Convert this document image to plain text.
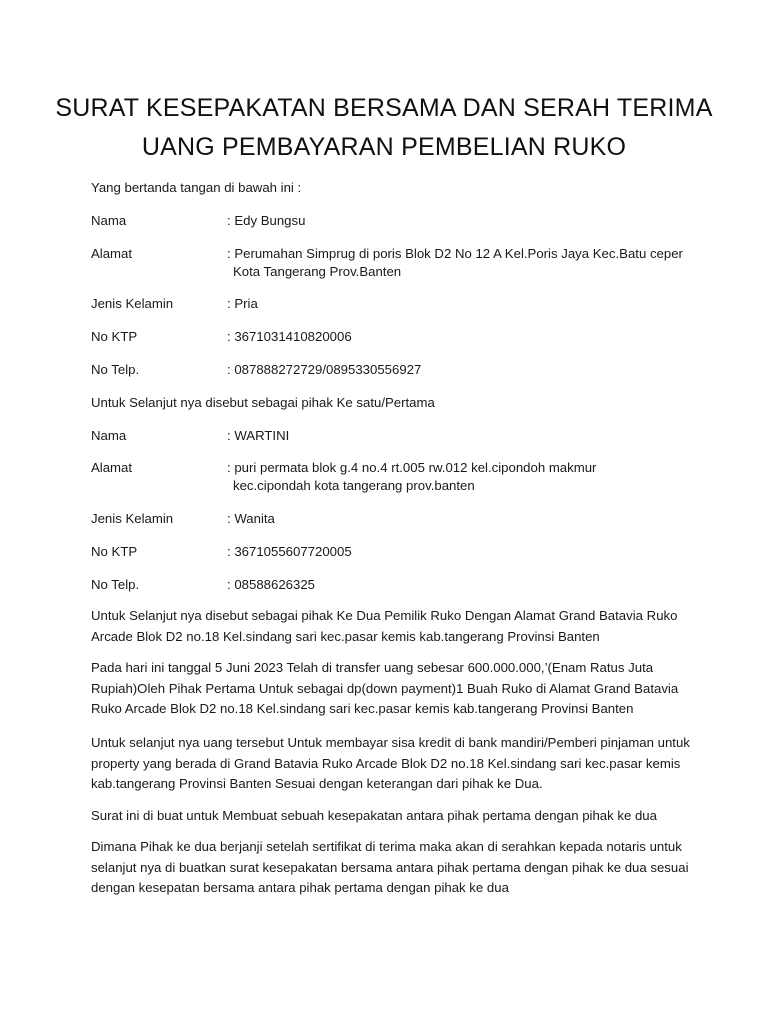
SURAT KESEPAKATAN BERSAMA DAN SERAH TERIMA
UANG PEMBAYARAN PEMBELIAN RUKO
Yang bertanda tangan di bawah ini :
Nama	: Edy Bungsu
Alamat	: Perumahan Simprug di poris Blok D2 No 12 A Kel.Poris Jaya Kec.Batu ceper
Kota Tangerang Prov.Banten
Jenis Kelamin	: Pria
No KTP	: 3671031410820006
No Telp.	: 087888272729/0895330556927
Untuk Selanjut nya disebut sebagai pihak Ke satu/Pertama
Nama	: WARTINI
Alamat	: puri permata blok g.4 no.4 rt.005 rw.012 kel.cipondoh makmur
kec.cipondah kota tangerang prov.banten
Jenis Kelamin	: Wanita
No KTP	: 3671055607720005
No Telp.	: 08588626325
Untuk Selanjut nya disebut sebagai pihak Ke Dua Pemilik Ruko Dengan Alamat Grand Batavia Ruko
Arcade Blok D2 no.18 Kel.sindang sari kec.pasar kemis kab.tangerang Provinsi Banten
Pada hari ini tanggal 5 Juni 2023 Telah di transfer uang sebesar 600.000.000,’(Enam Ratus Juta
Rupiah)Oleh Pihak Pertama Untuk sebagai dp(down payment)1 Buah Ruko di Alamat Grand Batavia
Ruko Arcade Blok D2 no.18 Kel.sindang sari kec.pasar kemis kab.tangerang Provinsi Banten
Untuk selanjut nya uang tersebut Untuk membayar sisa kredit di bank mandiri/Pemberi pinjaman untuk
property yang berada di Grand Batavia Ruko Arcade Blok D2 no.18 Kel.sindang sari kec.pasar kemis
kab.tangerang Provinsi Banten Sesuai dengan keterangan dari pihak ke Dua.
Surat ini di buat untuk Membuat sebuah kesepakatan antara pihak pertama dengan pihak ke dua
Dimana Pihak ke dua berjanji setelah sertifikat di terima maka akan di serahkan kepada notaris untuk
selanjut nya di buatkan surat kesepakatan bersama antara pihak pertama dengan pihak ke dua sesuai
dengan kesepatan bersama antara pihak pertama dengan pihak ke dua
